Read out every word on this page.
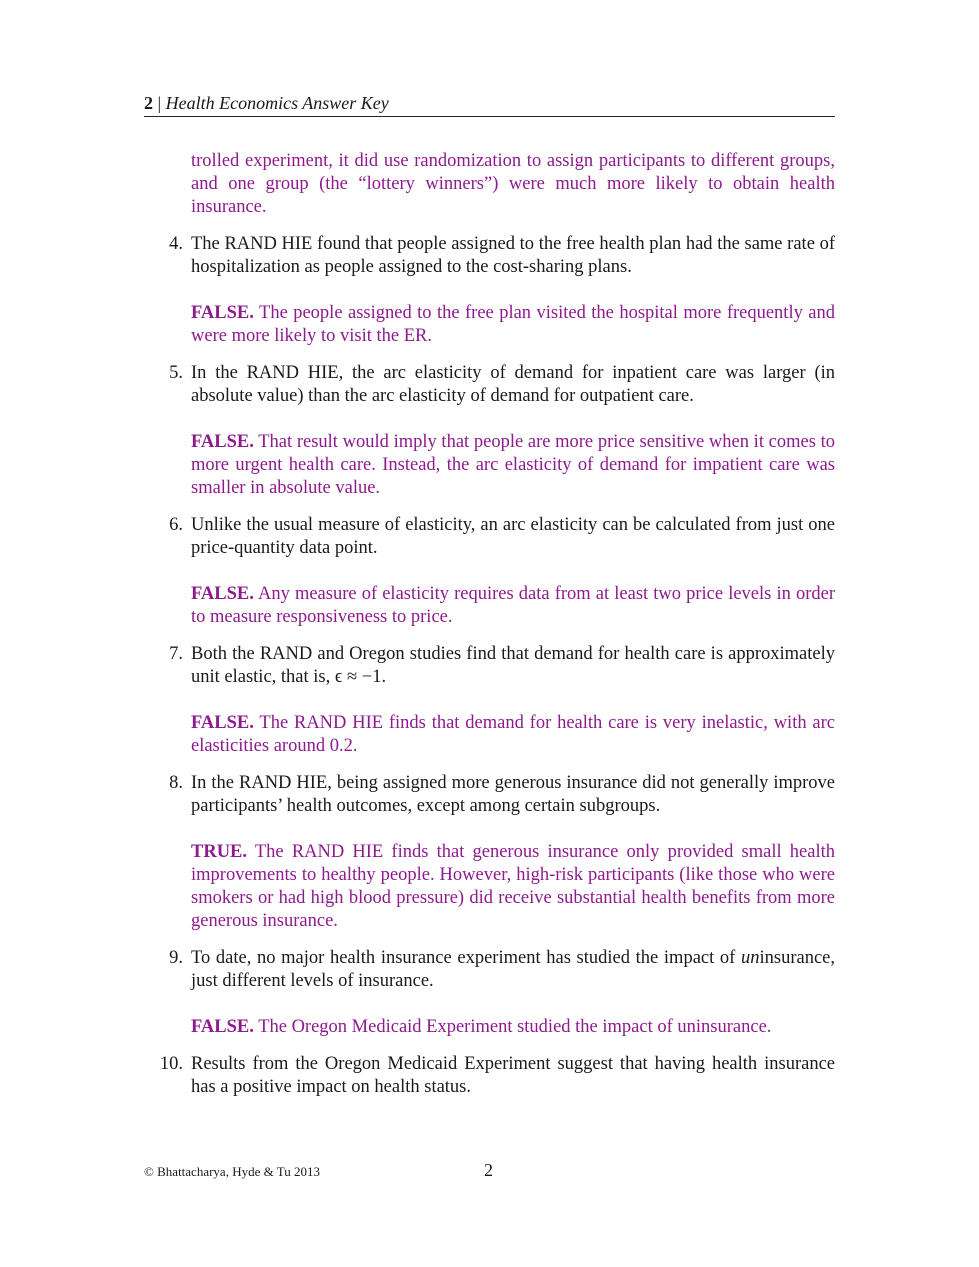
2 | Health Economics Answer Key
trolled experiment, it did use randomization to assign participants to different groups, and one group (the “lottery winners”) were much more likely to obtain health insurance.
4. The RAND HIE found that people assigned to the free health plan had the same rate of hospitalization as people assigned to the cost-sharing plans.
FALSE. The people assigned to the free plan visited the hospital more frequently and were more likely to visit the ER.
5. In the RAND HIE, the arc elasticity of demand for inpatient care was larger (in absolute value) than the arc elasticity of demand for outpatient care.
FALSE. That result would imply that people are more price sensitive when it comes to more urgent health care. Instead, the arc elasticity of demand for impatient care was smaller in absolute value.
6. Unlike the usual measure of elasticity, an arc elasticity can be calculated from just one price-quantity data point.
FALSE. Any measure of elasticity requires data from at least two price levels in order to measure responsiveness to price.
7. Both the RAND and Oregon studies find that demand for health care is approximately unit elastic, that is, ϵ ≈ −1.
FALSE. The RAND HIE finds that demand for health care is very inelastic, with arc elasticities around 0.2.
8. In the RAND HIE, being assigned more generous insurance did not generally improve participants’ health outcomes, except among certain subgroups.
TRUE. The RAND HIE finds that generous insurance only provided small health improvements to healthy people. However, high-risk participants (like those who were smokers or had high blood pressure) did receive substantial health benefits from more generous insurance.
9. To date, no major health insurance experiment has studied the impact of uninsurance, just different levels of insurance.
FALSE. The Oregon Medicaid Experiment studied the impact of uninsurance.
10. Results from the Oregon Medicaid Experiment suggest that having health insurance has a positive impact on health status.
© Bhattacharya, Hyde & Tu 2013	2
